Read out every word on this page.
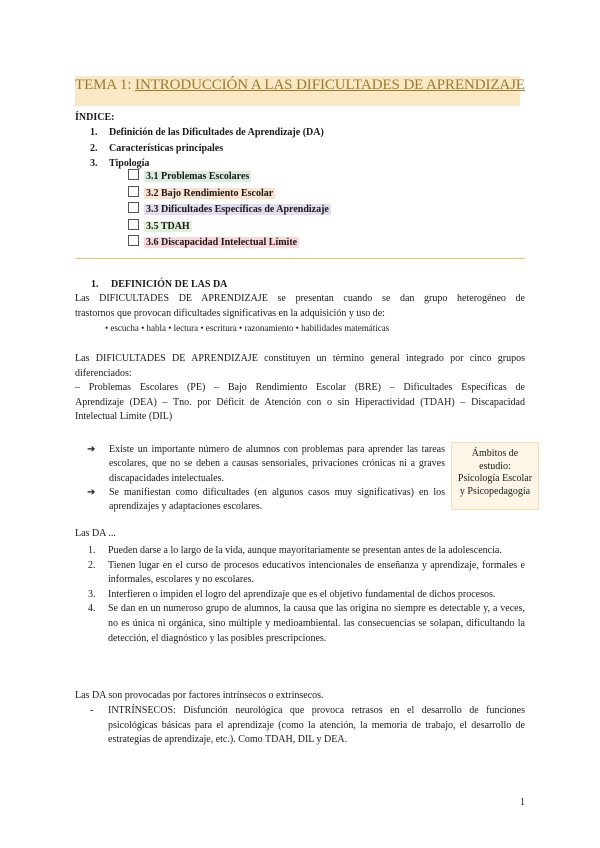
TEMA 1: INTRODUCCIÓN A LAS DIFICULTADES DE APRENDIZAJE
ÍNDICE:
1. Definición de las Dificultades de Aprendizaje (DA)
2. Características principales
3. Tipología
3.1 Problemas Escolares
3.2 Bajo Rendimiento Escolar
3.3 Dificultades Específicas de Aprendizaje
3.5 TDAH
3.6 Discapacidad Intelectual Límite
1. DEFINICIÓN DE LAS DA
Las DIFICULTADES DE APRENDIZAJE se presentan cuando se dan grupo heterogéneo de
trastornos que provocan dificultades significativas en la adquisición y uso de:
• escucha • habla • lectura • escritura • razonamiento • habilidades matemáticas
Las DIFICULTADES DE APRENDIZAJE constituyen un término general integrado por cinco grupos
diferenciados:
– Problemas Escolares (PE) – Bajo Rendimiento Escolar (BRE) – Dificultades Específicas de
Aprendizaje (DEA) – Tno. por Déficit de Atención con o sin Hiperactividad (TDAH) – Discapacidad
Intelectual Límite (DIL)
➔ Existe un importante número de alumnos con problemas para aprender las tareas escolares, que no se deben a causas sensoriales, privaciones crónicas ni a graves discapacidades intelectuales.
➔ Se manifiestan como dificultades (en algunos casos muy significativas) en los aprendizajes y adaptaciones escolares.
Ámbitos de
estudio:
Psicología Escolar
y Psicopedagogía
Las DA ...
1. Pueden darse a lo largo de la vida, aunque mayoritariamente se presentan antes de la adolescencia.
2. Tienen lugar en el curso de procesos educativos intencionales de enseñanza y aprendizaje, formales e informales, escolares y no escolares.
3. Interfieren o impiden el logro del aprendizaje que es el objetivo fundamental de dichos procesos.
4. Se dan en un numeroso grupo de alumnos, la causa que las origina no siempre es detectable y, a veces, no es única ni orgánica, sino múltiple y medioambiental. las consecuencias se solapan, dificultando la detección, el diagnóstico y las posibles prescripciones.
Las DA son provocadas por factores intrínsecos o extrínsecos.
- INTRÍNSECOS: Disfunción neurológica que provoca retrasos en el desarrollo de funciones psicológicas básicas para el aprendizaje (como la atención, la memoria de trabajo, el desarrollo de estrategias de aprendizaje, etc.). Como TDAH, DIL y DEA.
1
